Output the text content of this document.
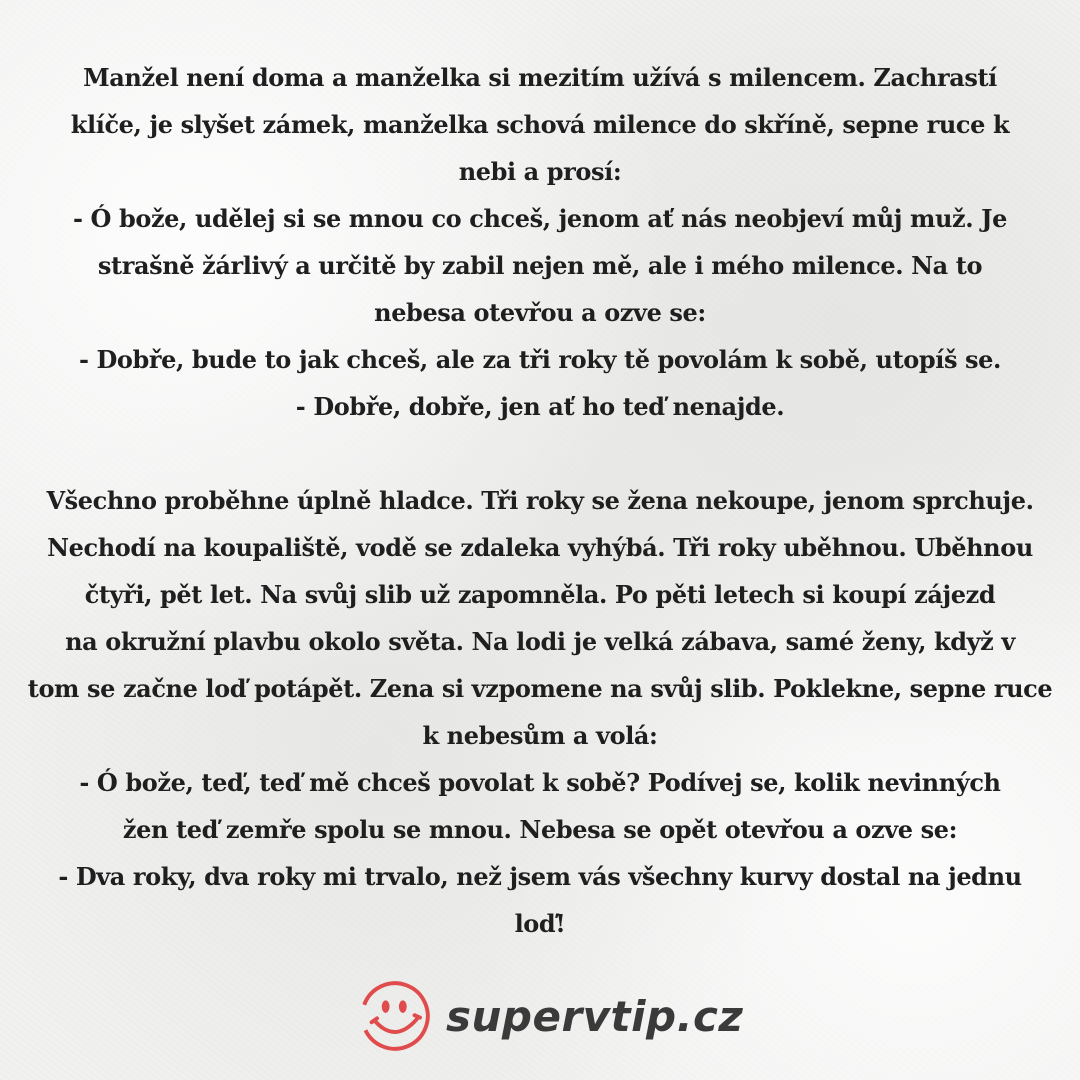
Manžel není doma a manželka si mezitím užívá s milencem. Zachrastí
klíče, je slyšet zámek, manželka schová milence do skříně, sepne ruce k
nebi a prosí:
- Ó bože, udělej si se mnou co chceš, jenom ať nás neobjeví můj muž. Je
strašně žárlivý a určitě by zabil nejen mě, ale i mého milence. Na to
nebesa otevřou a ozve se:
- Dobře, bude to jak chceš, ale za tři roky tě povolám k sobě, utopíš se.
- Dobře, dobře, jen ať ho teď nenajde.
Všechno proběhne úplně hladce. Tři roky se žena nekoupe, jenom sprchuje.
Nechodí na koupaliště, vodě se zdaleka vyhýbá. Tři roky uběhnou. Uběhnou
čtyři, pět let. Na svůj slib už zapomněla. Po pěti letech si koupí zájezd
na okružní plavbu okolo světa. Na lodi je velká zábava, samé ženy, když v
tom se začne loď potápět. Zena si vzpomene na svůj slib. Poklekne, sepne ruce
k nebesům a volá:
- Ó bože, teď, teď mě chceš povolat k sobě? Podívej se, kolik nevinných
žen teď zemře spolu se mnou. Nebesa se opět otevřou a ozve se:
- Dva roky, dva roky mi trvalo, než jsem vás všechny kurvy dostal na jednu
loď!
supervtip.cz
